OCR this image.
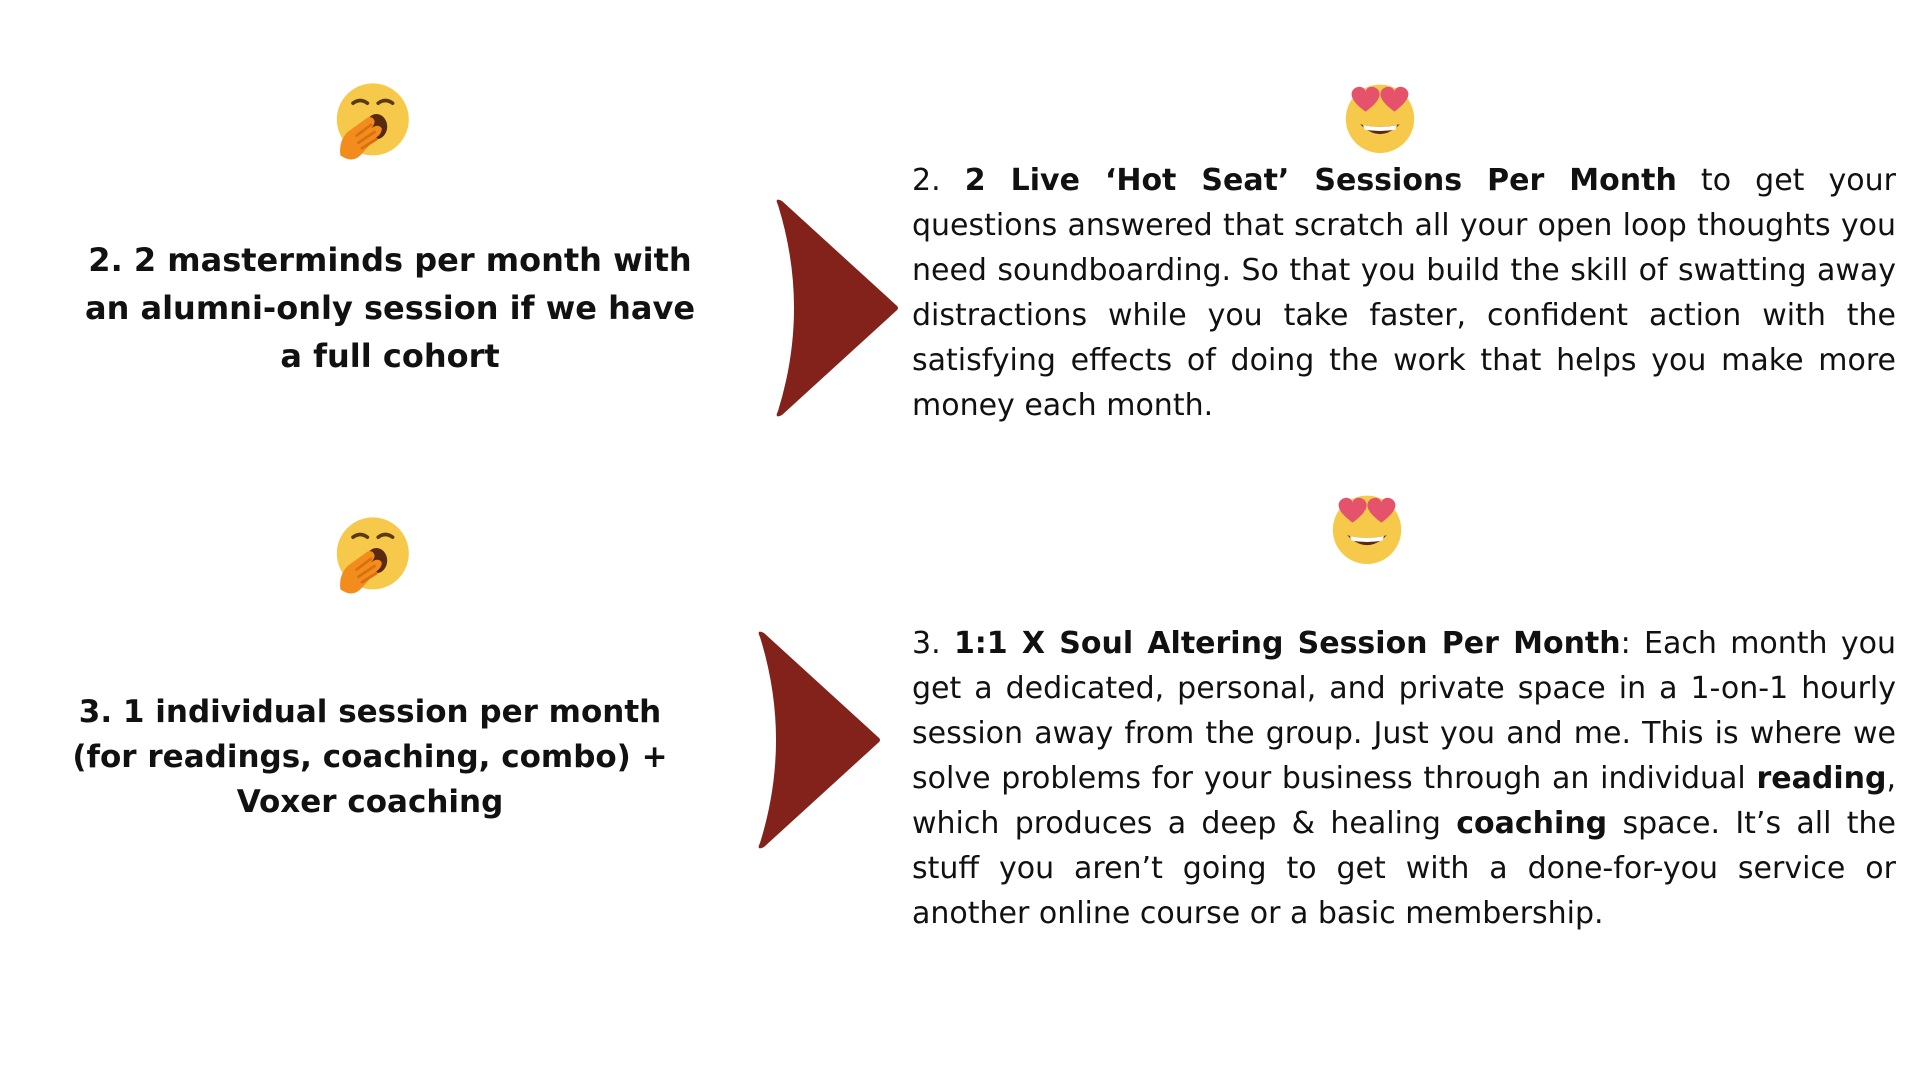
2. 2 masterminds per month with an alumni-only session if we have a full cohort
2. 2 Live ‘Hot Seat’ Sessions Per Month to get your questions answered that scratch all your open loop thoughts you need soundboarding. So that you build the skill of swatting away distractions while you take faster, confident action with the satisfying effects of doing the work that helps you make more money each month.
3. 1 individual session per month (for readings, coaching, combo) + Voxer coaching
3. 1:1 X Soul Altering Session Per Month: Each month you get a dedicated, personal, and private space in a 1-on-1 hourly session away from the group. Just you and me. This is where we solve problems for your business through an individual reading, which produces a deep & healing coaching space. It’s all the stuff you aren’t going to get with a done-for-you service or another online course or a basic membership.
